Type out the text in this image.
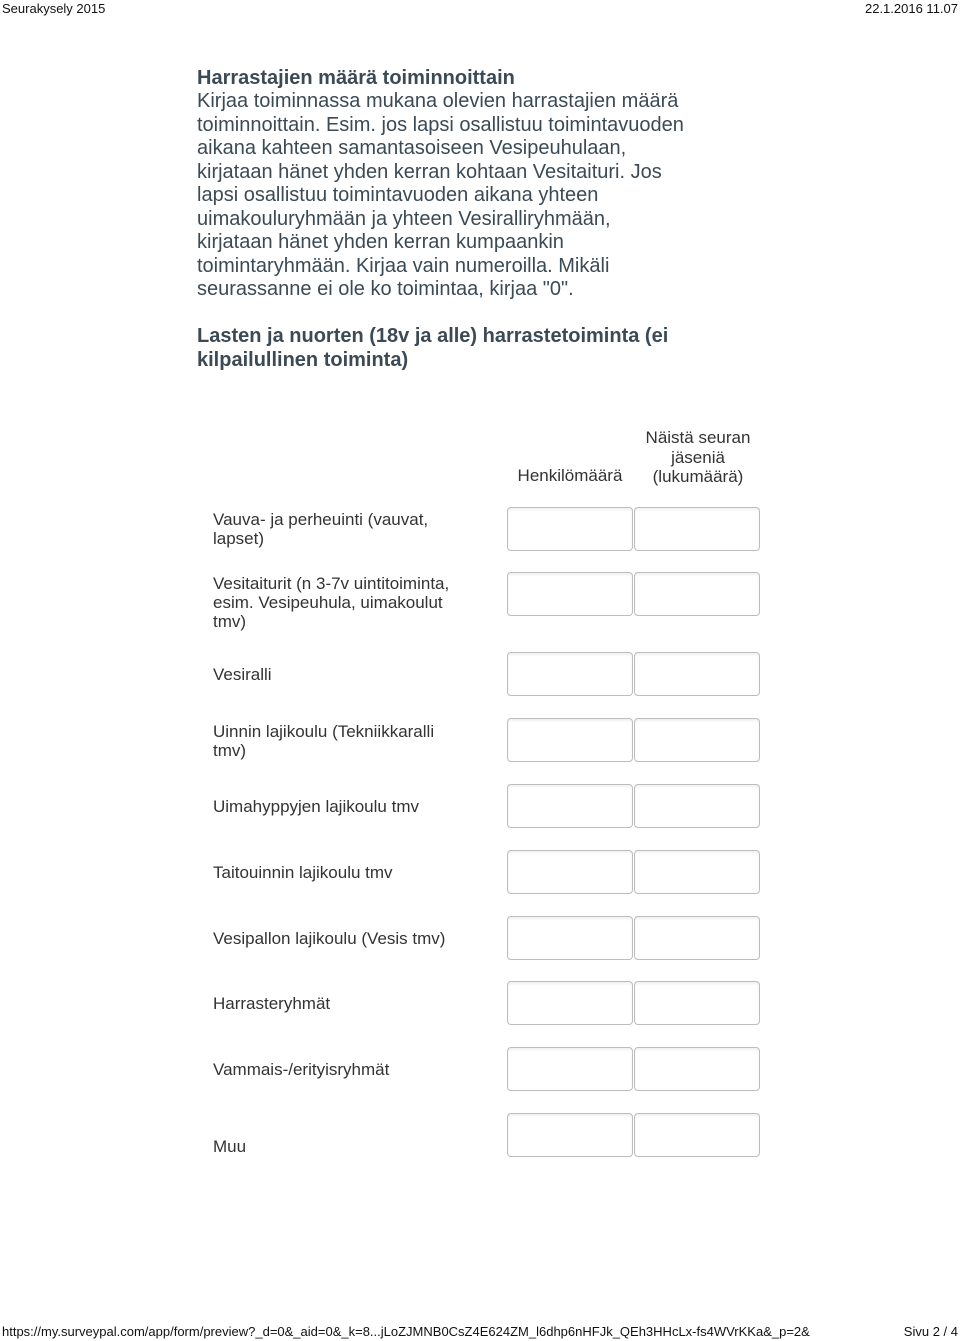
Seurakysely 2015	22.1.2016 11.07
Harrastajien määrä toiminnoittain
Kirjaa toiminnassa mukana olevien harrastajien määrä
toiminnoittain. Esim. jos lapsi osallistuu toimintavuoden
aikana kahteen samantasoiseen Vesipeuhulaan,
kirjataan hänet yhden kerran kohtaan Vesitaituri. Jos
lapsi osallistuu toimintavuoden aikana yhteen
uimakouluryhmään ja yhteen Vesiralliryhmään,
kirjataan hänet yhden kerran kumpaankin
toimintaryhmään. Kirjaa vain numeroilla. Mikäli
seurassanne ei ole ko toimintaa, kirjaa "0".
Lasten ja nuorten (18v ja alle) harrastetoiminta (ei
kilpailullinen toiminta)
Henkilömäärä
Näistä seuran
jäseniä
(lukumäärä)
Vauva- ja perheuinti (vauvat,
lapset)
Vesitaiturit (n 3-7v uintitoiminta,
esim. Vesipeuhula, uimakoulut
tmv)
Vesiralli
Uinnin lajikoulu (Tekniikkaralli
tmv)
Uimahyppyjen lajikoulu tmv
Taitouinnin lajikoulu tmv
Vesipallon lajikoulu (Vesis tmv)
Harrasteryhmät
Vammais-/erityisryhmät
Muu
https://my.surveypal.com/app/form/preview?_d=0&_aid=0&_k=8...jLoZJMNB0CsZ4E624ZM_l6dhp6nHFJk_QEh3HHcLx-fs4WVrKKa&_p=2&	Sivu 2 / 4
